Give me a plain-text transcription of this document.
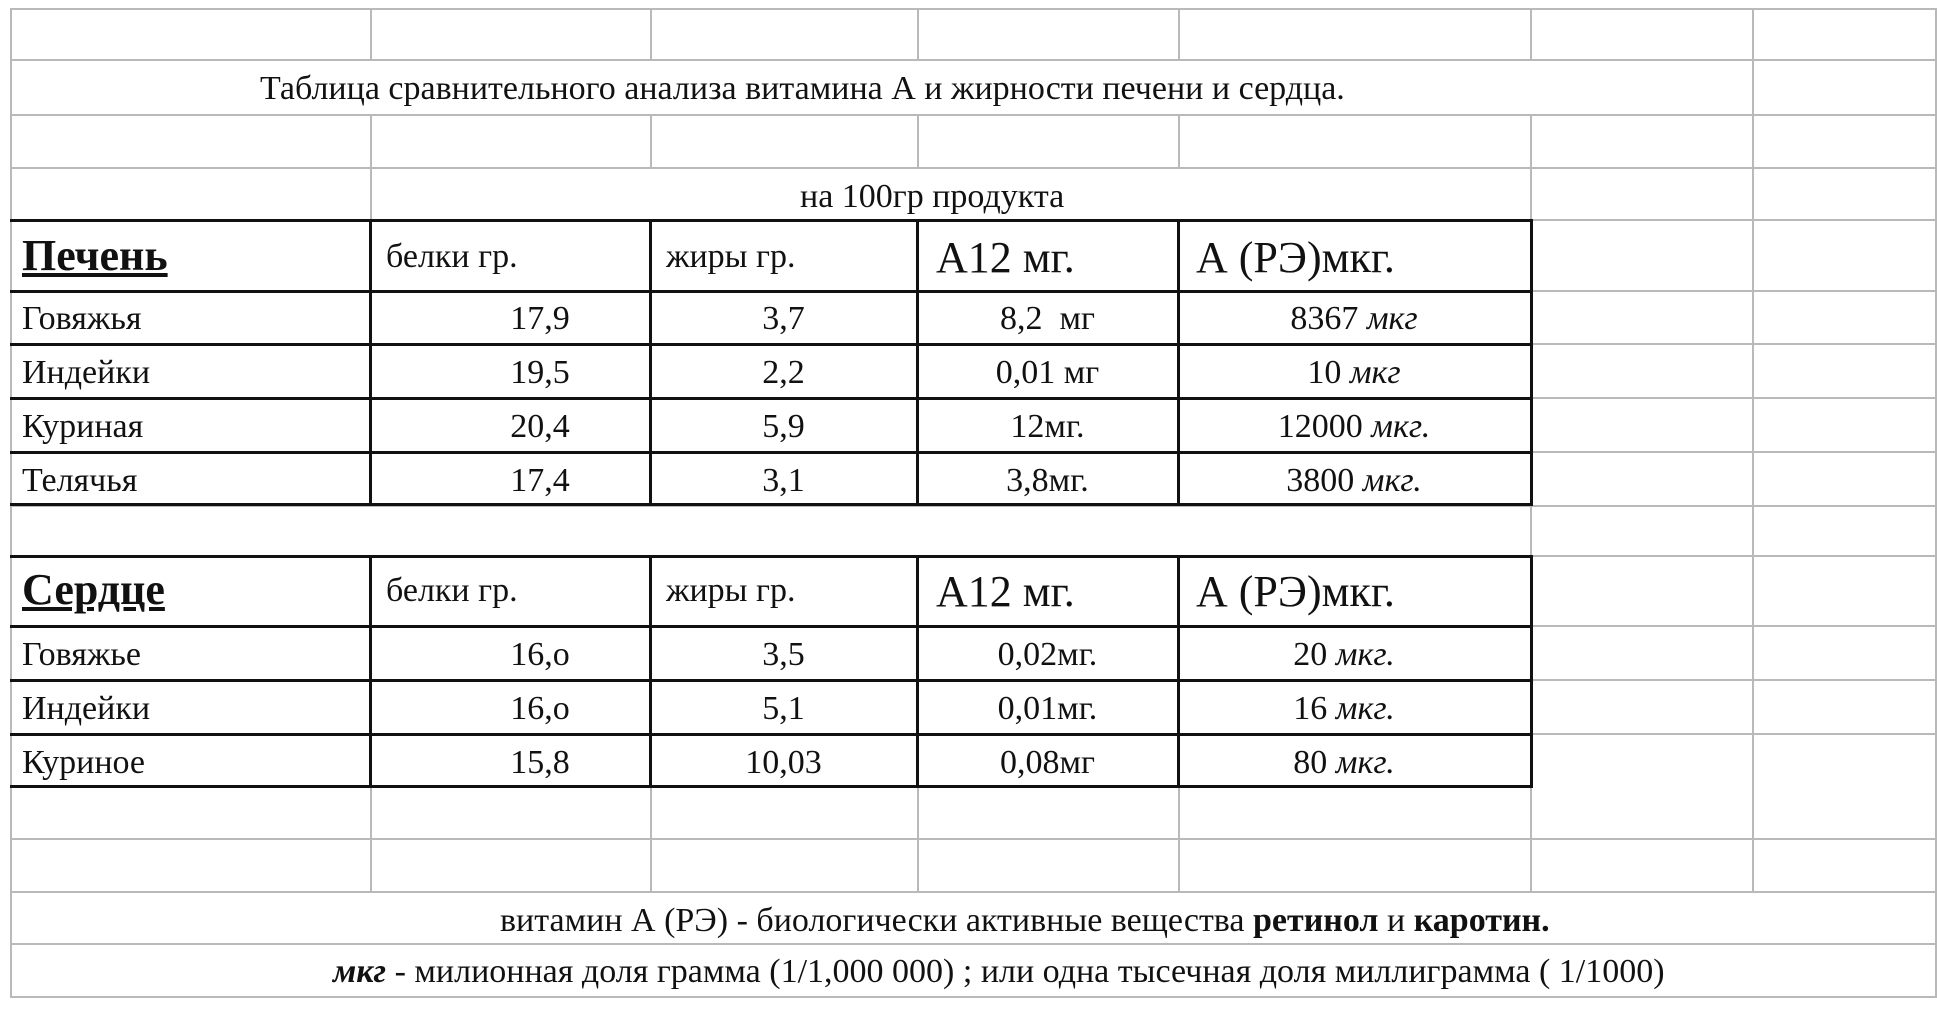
Таблица сравнительного анализа витамина А и жирности печени и сердца.
на 100гр продукта
Печень	белки гр.	жиры гр.	А12 мг.	А (РЭ)мкг.
Говяжья	17,9	3,7	8,2  мг	8367 мкг
Индейки	19,5	2,2	0,01 мг	10 мкг
Куриная	20,4	5,9	12мг.	12000 мкг.
Телячья	17,4	3,1	3,8мг.	3800 мкг.
Сердце	белки гр.	жиры гр.	А12 мг.	А (РЭ)мкг.
Говяжье	16,о	3,5	0,02мг.	20 мкг.
Индейки	16,о	5,1	0,01мг.	16 мкг.
Куриное	15,8	10,03	0,08мг	80 мкг.
витамин А (РЭ) - биологически активные вещества ретинол и каротин.
мкг - милионная доля грамма (1/1,000 000) ; или одна тысечная доля миллиграмма ( 1/1000)
